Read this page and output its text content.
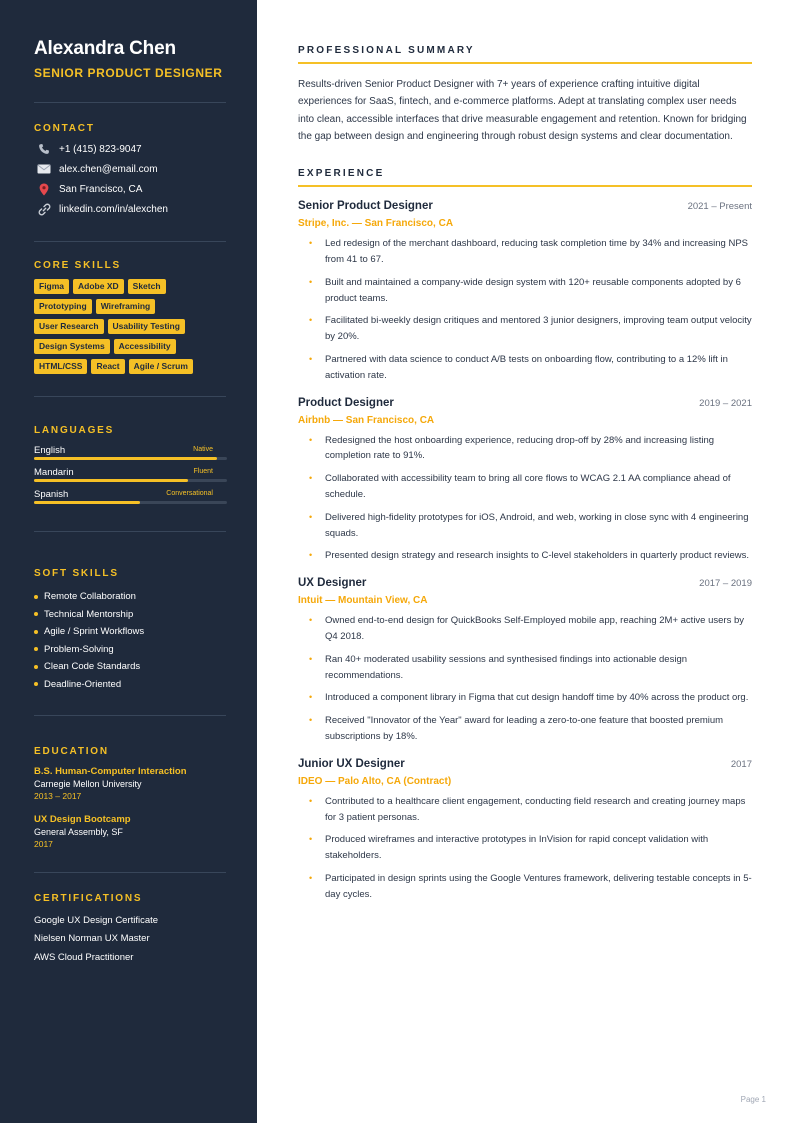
Alexandra Chen
SENIOR PRODUCT DESIGNER
CONTACT
+1 (415) 823-9047
alex.chen@email.com
San Francisco, CA
linkedin.com/in/alexchen
CORE SKILLS
Figma	Adobe XD	Sketch
Prototyping	Wireframing
User Research	Usability Testing
Design Systems	Accessibility
HTML/CSS	React	Agile / Scrum
LANGUAGES
English	Native
Mandarin	Fluent
Spanish	Conversational
SOFT SKILLS
Remote Collaboration
Technical Mentorship
Agile / Sprint Workflows
Problem-Solving
Clean Code Standards
Deadline-Oriented
EDUCATION
B.S. Human-Computer Interaction
Carnegie Mellon University
2013 – 2017
UX Design Bootcamp
General Assembly, SF
2017
CERTIFICATIONS
Google UX Design Certificate
Nielsen Norman UX Master
AWS Cloud Practitioner
PROFESSIONAL SUMMARY

Results-driven Senior Product Designer with 7+ years of experience crafting intuitive digital experiences for SaaS, fintech, and e-commerce platforms. Adept at translating complex user needs into clean, accessible interfaces that drive measurable engagement and retention. Known for bridging the gap between design and engineering through robust design systems and clear documentation.

EXPERIENCE
Senior Product Designer	2021 – Present
Stripe, Inc. — San Francisco, CA
• Led redesign of the merchant dashboard, reducing task completion time by 34% and increasing NPS from 41 to 67.
• Built and maintained a company-wide design system with 120+ reusable components adopted by 6 product teams.
• Facilitated bi-weekly design critiques and mentored 3 junior designers, improving team output velocity by 20%.
• Partnered with data science to conduct A/B tests on onboarding flow, contributing to a 12% lift in activation rate.
Product Designer	2019 – 2021
Airbnb — San Francisco, CA
• Redesigned the host onboarding experience, reducing drop-off by 28% and increasing listing completion rate to 91%.
• Collaborated with accessibility team to bring all core flows to WCAG 2.1 AA compliance ahead of schedule.
• Delivered high-fidelity prototypes for iOS, Android, and web, working in close sync with 4 engineering squads.
• Presented design strategy and research insights to C-level stakeholders in quarterly product reviews.
UX Designer	2017 – 2019
Intuit — Mountain View, CA
• Owned end-to-end design for QuickBooks Self-Employed mobile app, reaching 2M+ active users by Q4 2018.
• Ran 40+ moderated usability sessions and synthesised findings into actionable design recommendations.
• Introduced a component library in Figma that cut design handoff time by 40% across the product org.
• Received "Innovator of the Year" award for leading a zero-to-one feature that boosted premium subscriptions by 18%.
Junior UX Designer	2017
IDEO — Palo Alto, CA (Contract)
• Contributed to a healthcare client engagement, conducting field research and creating journey maps for 3 patient personas.
• Produced wireframes and interactive prototypes in InVision for rapid concept validation with stakeholders.
• Participated in design sprints using the Google Ventures framework, delivering testable concepts in 5-day cycles.
Page 1
